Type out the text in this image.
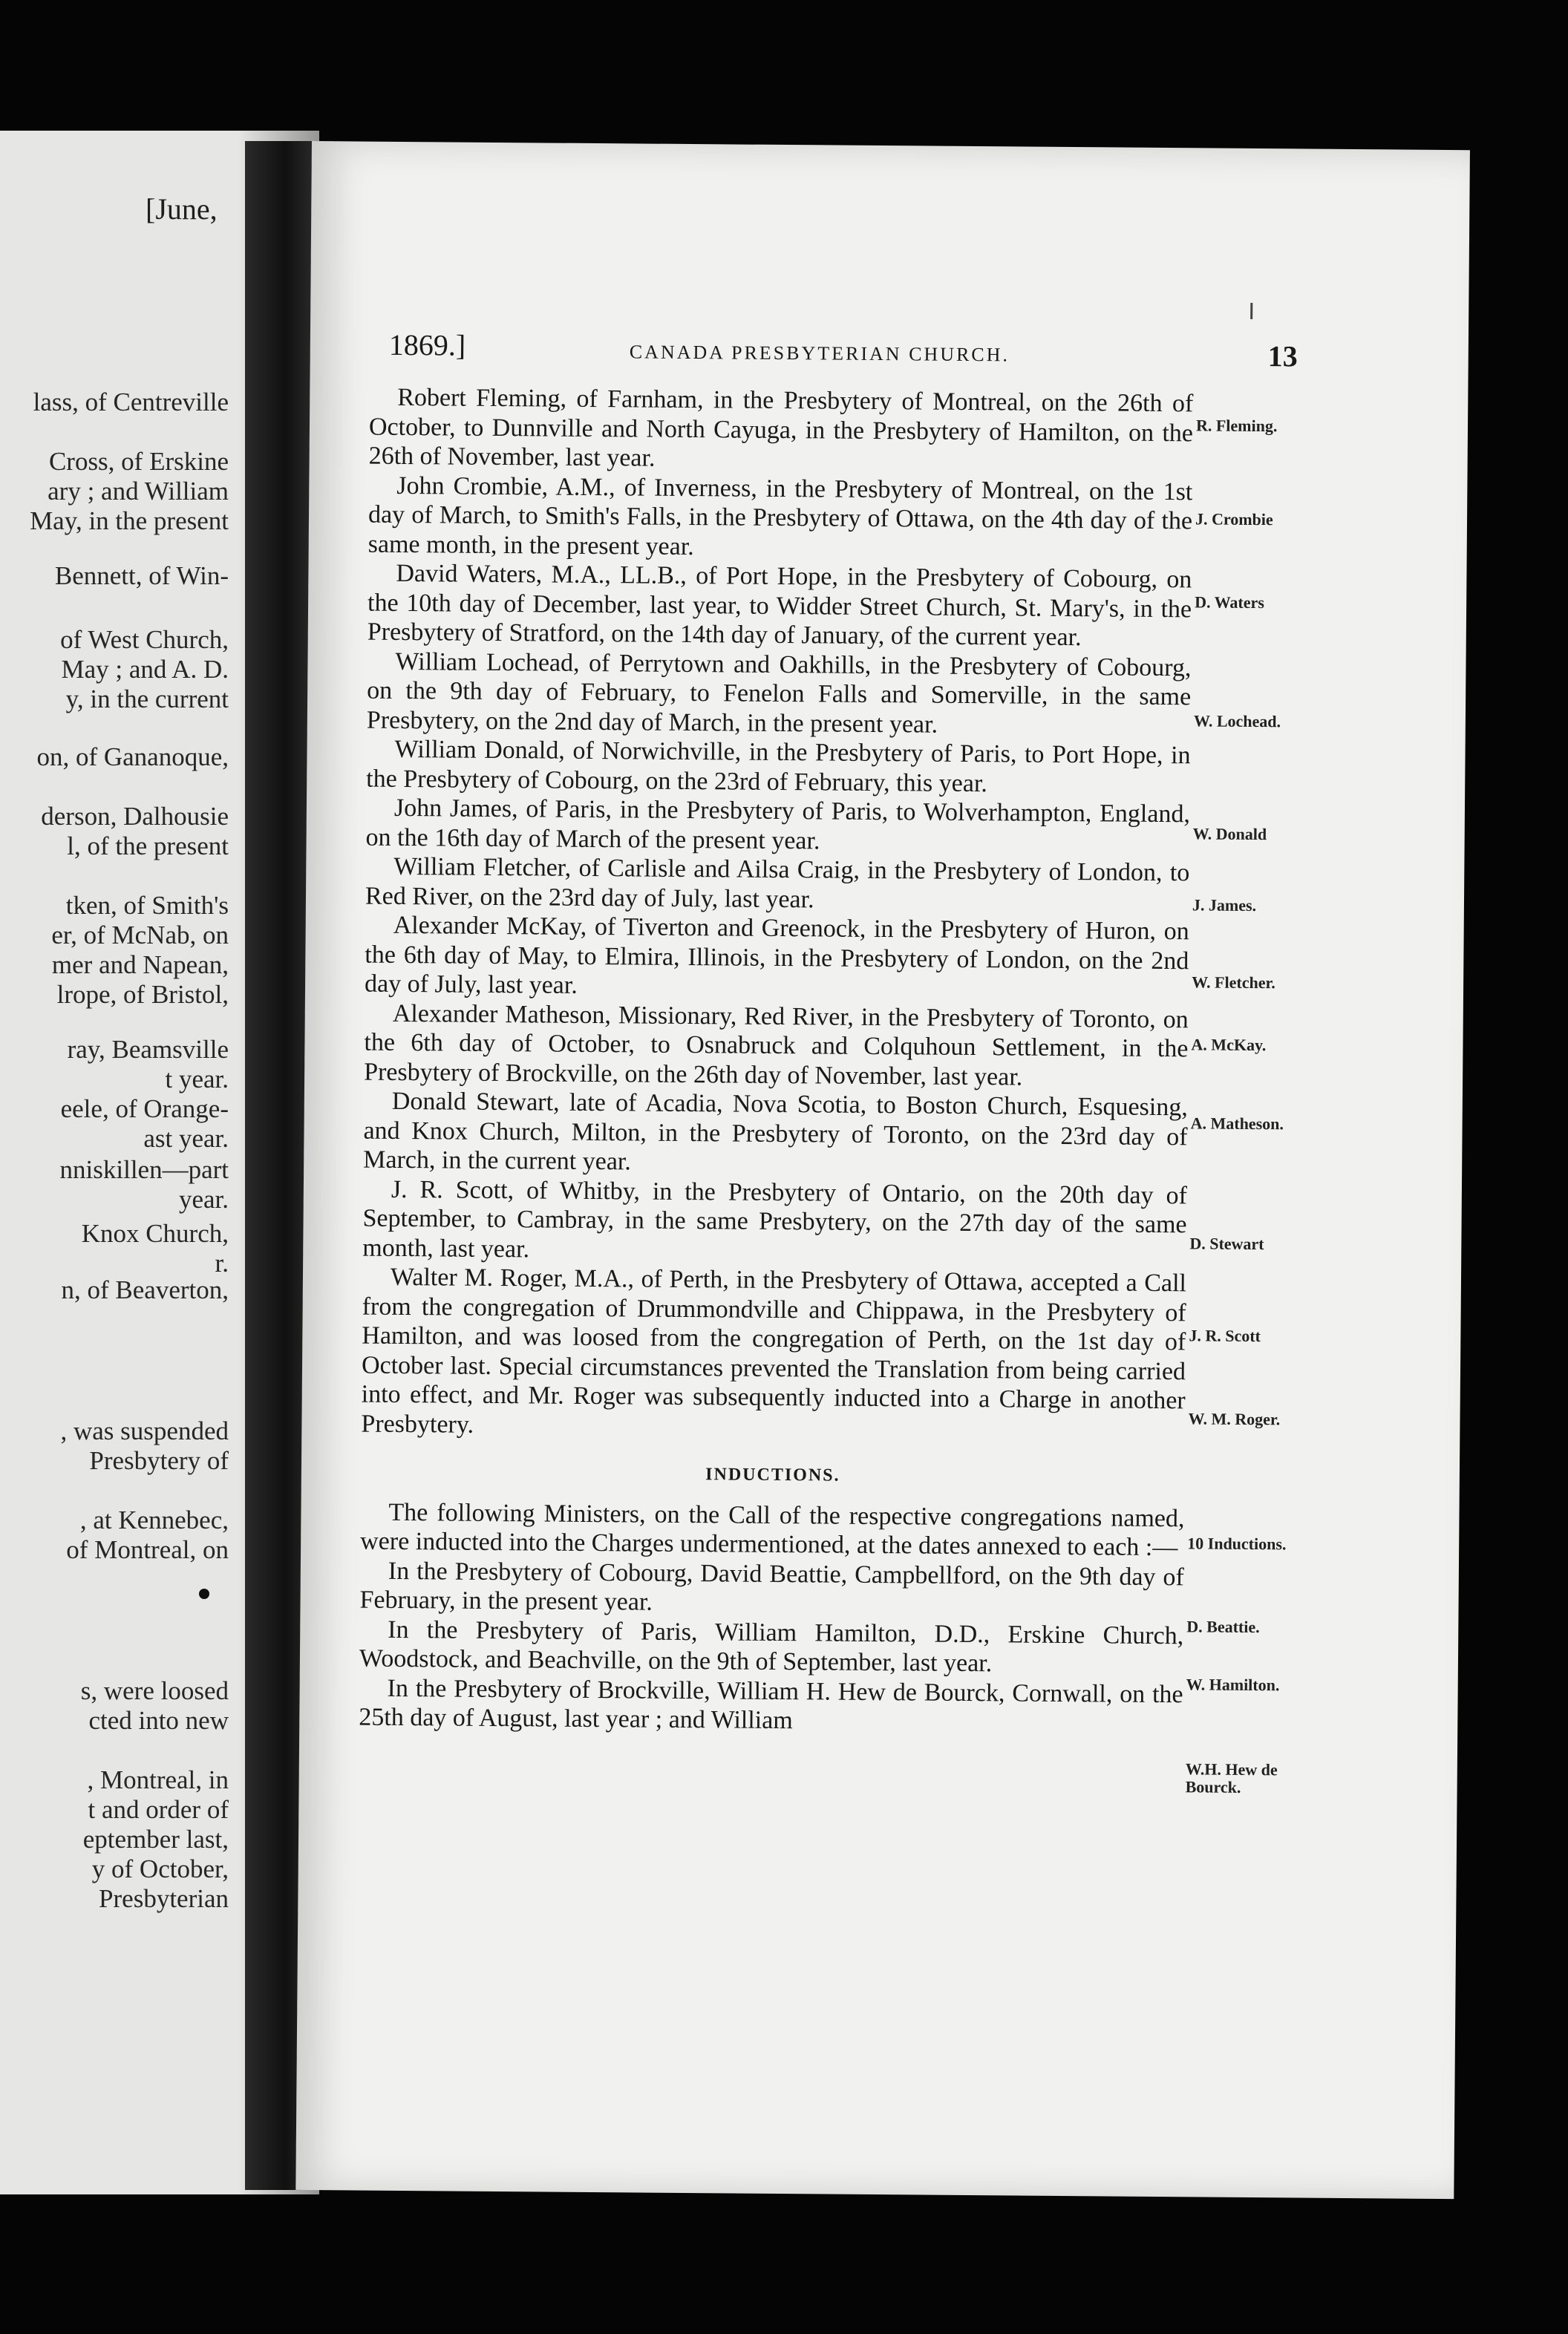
[June,
lass, of Centreville
Cross, of Erskine
ary ; and William
May, in the present
Bennett, of Win-
of West Church,
May ; and A. D.
y, in the current
on, of Gananoque,
derson, Dalhousie
l, of the present
tken, of Smith's
er, of McNab, on
mer and Napean,
lrope, of Bristol,
ray, Beamsville
t year.
eele, of Orange-
ast year.
nniskillen—part
year.
Knox Church,
r.
n, of Beaverton,
, was suspended
Presbytery of
, at Kennebec,
of Montreal, on
s, were loosed
cted into new
, Montreal, in
t and order of
eptember last,
y of October,
Presbyterian
1869.]	CANADA PRESBYTERIAN CHURCH.	13

Robert Fleming, of Farnham, in the Presbytery of Montreal, on the 26th of October, to Dunnville and North Cayuga, in the Presbytery of Hamilton, on the 26th of November, last year.

John Crombie, A.M., of Inverness, in the Presbytery of Montreal, on the 1st day of March, to Smith's Falls, in the Presbytery of Ottawa, on the 4th day of the same month, in the present year.

David Waters, M.A., LL.B., of Port Hope, in the Presbytery of Cobourg, on the 10th day of December, last year, to Widder Street Church, St. Mary's, in the Presbytery of Stratford, on the 14th day of January, of the current year.

William Lochead, of Perrytown and Oakhills, in the Presbytery of Cobourg, on the 9th day of February, to Fenelon Falls and Somerville, in the same Presbytery, on the 2nd day of March, in the present year.

William Donald, of Norwichville, in the Presbytery of Paris, to Port Hope, in the Presbytery of Cobourg, on the 23rd of February, this year.

John James, of Paris, in the Presbytery of Paris, to Wolverhampton, England, on the 16th day of March of the present year.

William Fletcher, of Carlisle and Ailsa Craig, in the Presbytery of London, to Red River, on the 23rd day of July, last year.

Alexander McKay, of Tiverton and Greenock, in the Presbytery of Huron, on the 6th day of May, to Elmira, Illinois, in the Presbytery of London, on the 2nd day of July, last year.

Alexander Matheson, Missionary, Red River, in the Presbytery of Toronto, on the 6th day of October, to Osnabruck and Colquhoun Settlement, in the Presbytery of Brockville, on the 26th day of November, last year.

Donald Stewart, late of Acadia, Nova Scotia, to Boston Church, Esquesing, and Knox Church, Milton, in the Presbytery of Toronto, on the 23rd day of March, in the current year.

J. R. Scott, of Whitby, in the Presbytery of Ontario, on the 20th day of September, to Cambray, in the same Presbytery, on the 27th day of the same month, last year.

Walter M. Roger, M.A., of Perth, in the Presbytery of Ottawa, accepted a Call from the congregation of Drummondville and Chippawa, in the Presbytery of Hamilton, and was loosed from the congregation of Perth, on the 1st day of October last. Special circumstances prevented the Translation from being carried into effect, and Mr. Roger was subsequently inducted into a Charge in another Presbytery.

INDUCTIONS.

The following Ministers, on the Call of the respective congregations named, were inducted into the Charges undermentioned, at the dates annexed to each :—

In the Presbytery of Cobourg, David Beattie, Campbellford, on the 9th day of February, in the present year.

In the Presbytery of Paris, William Hamilton, D.D., Erskine Church, Woodstock, and Beachville, on the 9th of September, last year.

In the Presbytery of Brockville, William H. Hew de Bourck, Cornwall, on the 25th day of August, last year ; and William

R. Fleming.
J. Crombie
D. Waters
W. Lochead.
W. Donald
J. James.
W. Fletcher.
A. McKay.
A. Matheson.
D. Stewart
J. R. Scott
W. M. Roger.
10 Inductions.
D. Beattie.
W. Hamilton.
W.H. Hew de Bourck.
